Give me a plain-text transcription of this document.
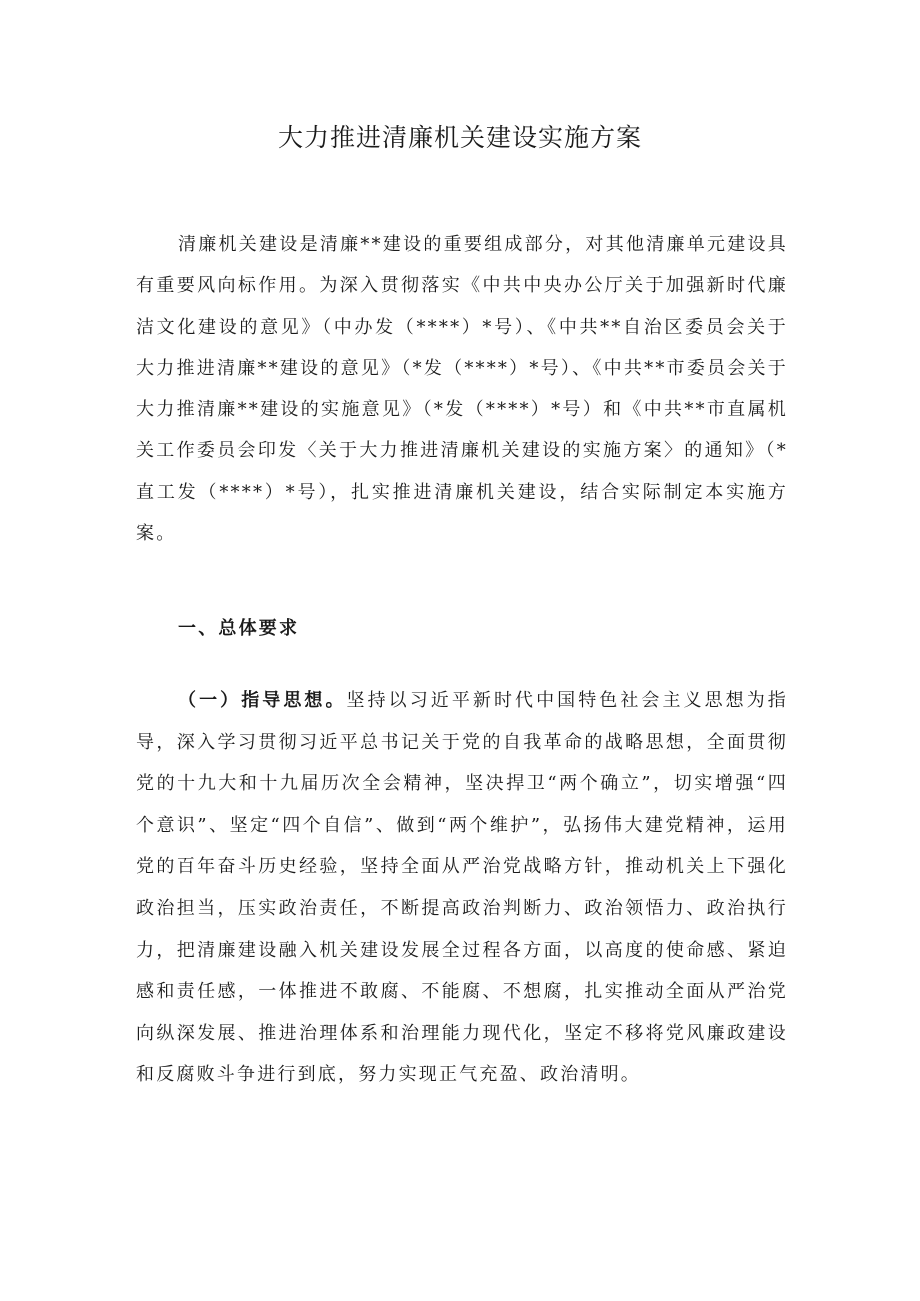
大力推进清廉机关建设实施方案

清廉机关建设是清廉**建设的重要组成部分，对其他清廉单元建设具有重要风向标作用。为深入贯彻落实《中共中央办公厅关于加强新时代廉洁文化建设的意见》（中办发（****）*号）、《中共**自治区委员会关于大力推进清廉**建设的意见》（*发（****）*号）、《中共**市委员会关于大力推清廉**建设的实施意见》（*发（****）*号）和《中共**市直属机关工作委员会印发〈关于大力推进清廉机关建设的实施方案〉的通知》（*直工发（****）*号），扎实推进清廉机关建设，结合实际制定本实施方案。

一、总体要求

（一）指导思想。坚持以习近平新时代中国特色社会主义思想为指导，深入学习贯彻习近平总书记关于党的自我革命的战略思想，全面贯彻党的十九大和十九届历次全会精神，坚决捍卫“两个确立”，切实增强“四个意识”、坚定“四个自信”、做到“两个维护”，弘扬伟大建党精神，运用党的百年奋斗历史经验，坚持全面从严治党战略方针，推动机关上下强化政治担当，压实政治责任，不断提高政治判断力、政治领悟力、政治执行力，把清廉建设融入机关建设发展全过程各方面，以高度的使命感、紧迫感和责任感，一体推进不敢腐、不能腐、不想腐，扎实推动全面从严治党向纵深发展、推进治理体系和治理能力现代化，坚定不移将党风廉政建设和反腐败斗争进行到底，努力实现正气充盈、政治清明。
